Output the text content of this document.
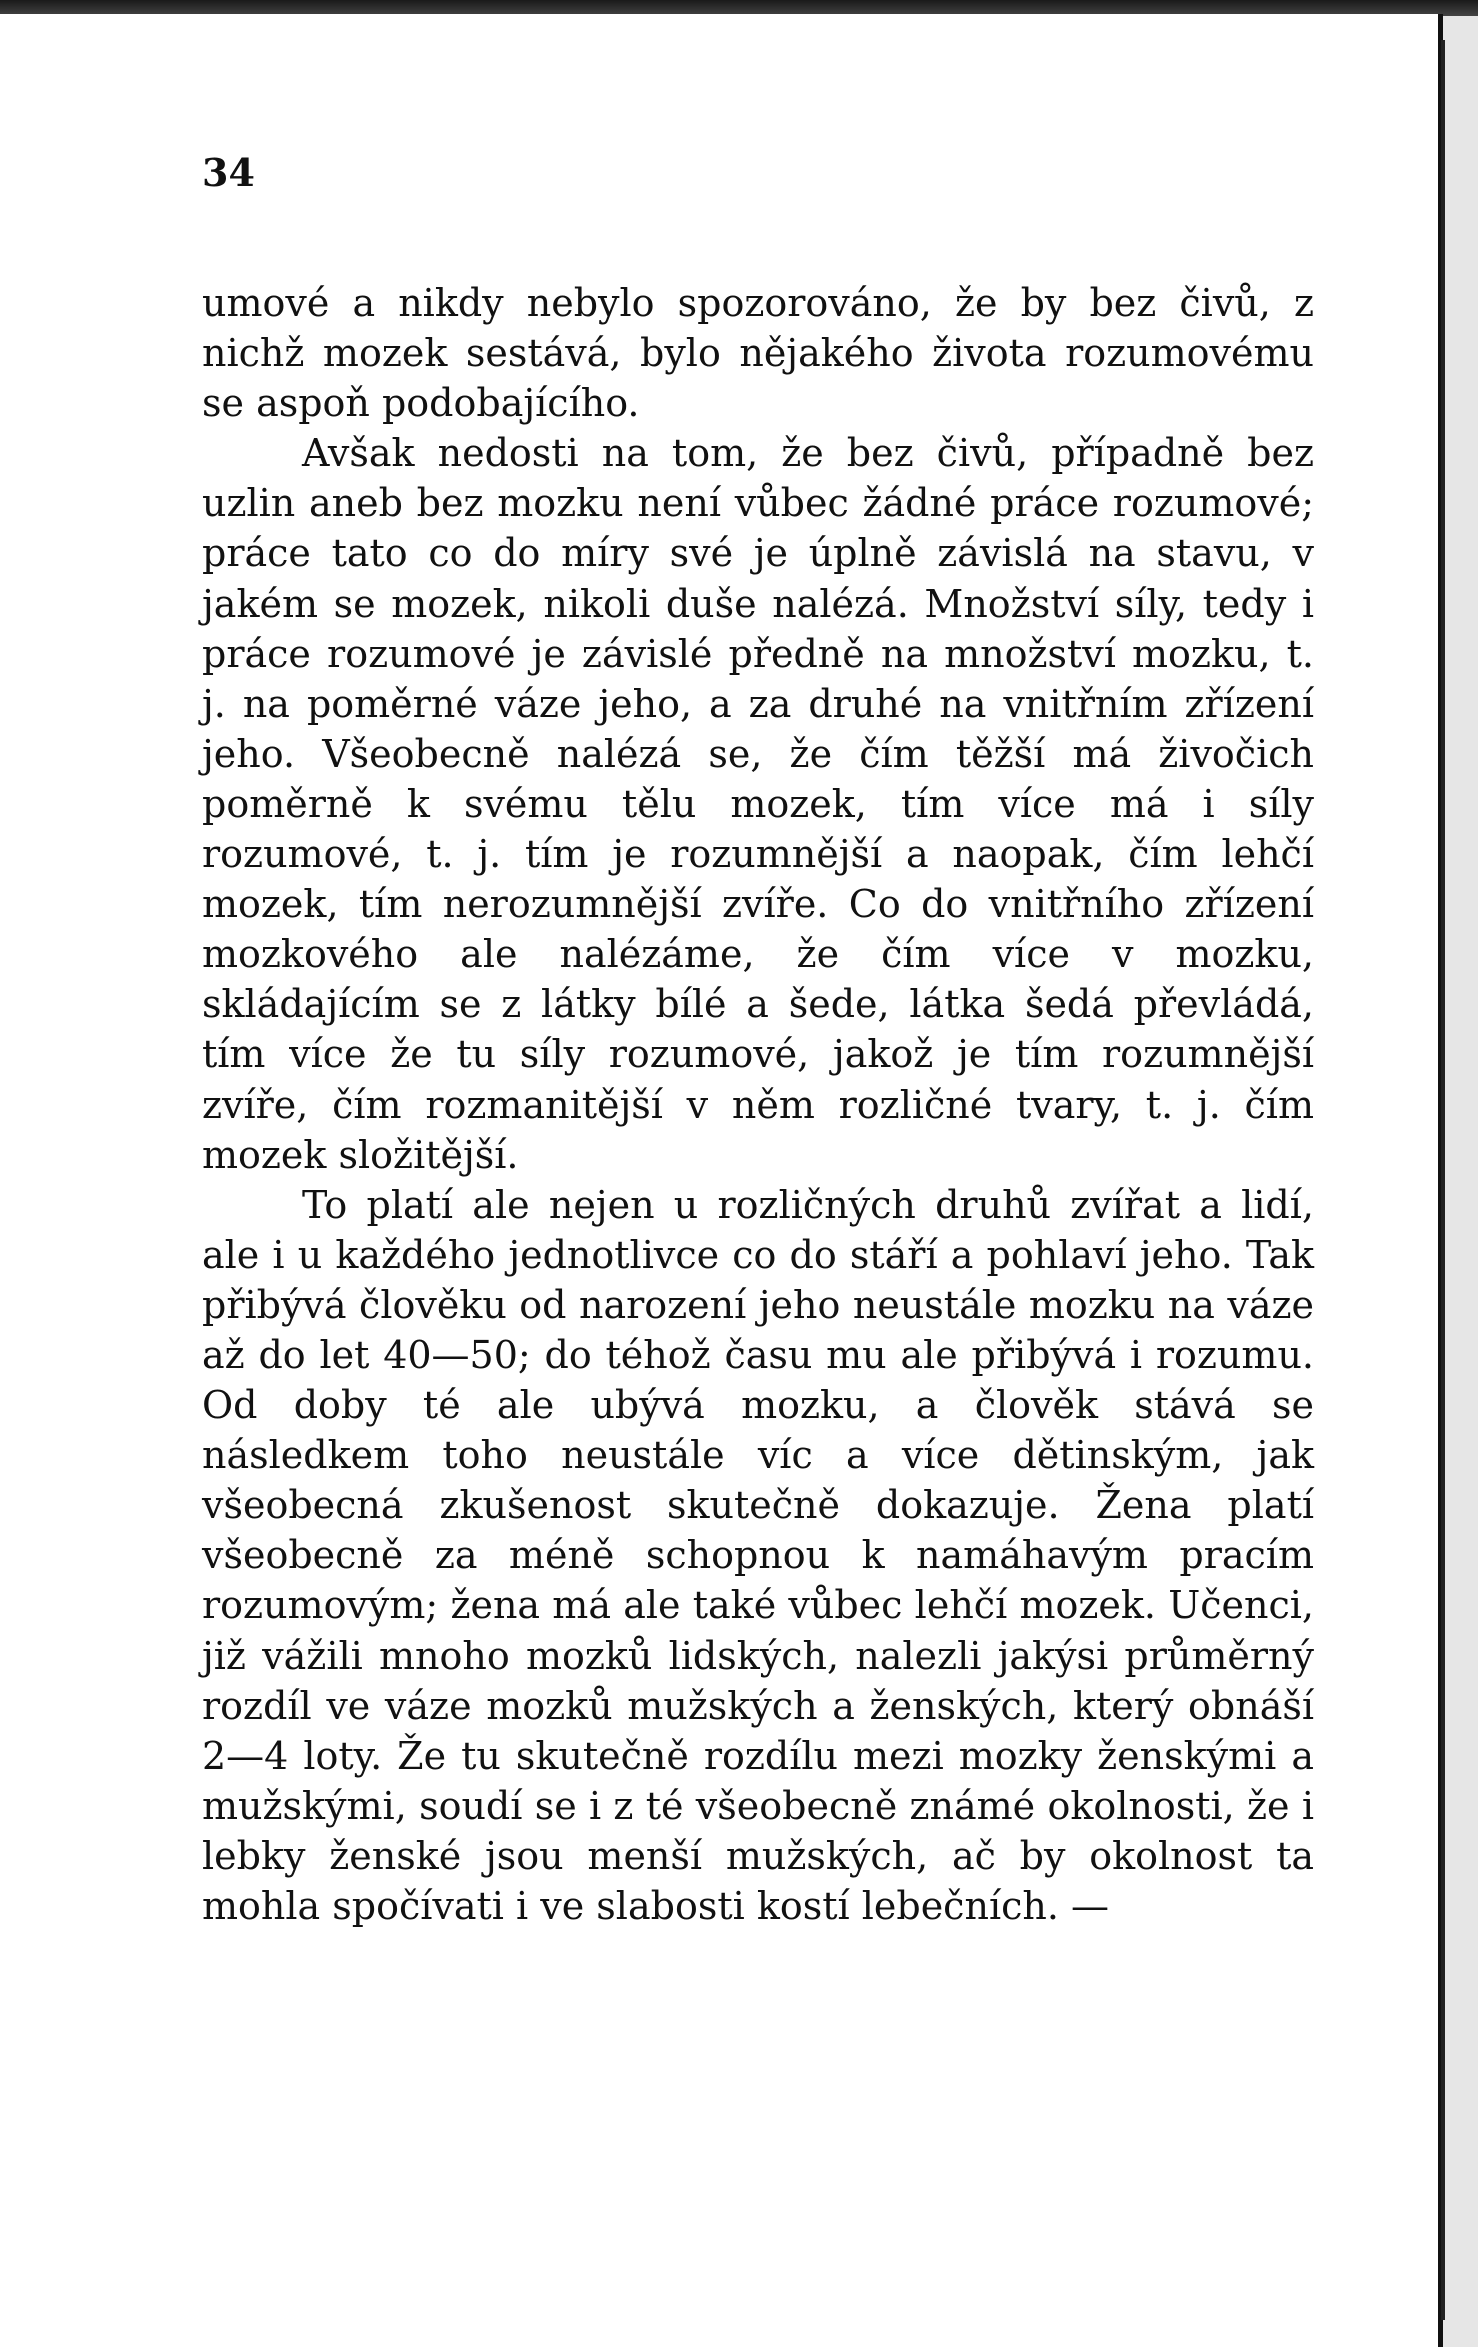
34

umové a nikdy nebylo spozorováno, že by bez čivů, z nichž mozek sestává, bylo nějakého života rozumovému se aspoň podobajícího.

Avšak nedosti na tom, že bez čivů, případně bez uzlin aneb bez mozku není vůbec žádné práce rozumové; práce tato co do míry své je úplně závislá na stavu, v jakém se mozek, nikoli duše nalézá. Množství síly, tedy i práce rozumové je závislé předně na množství mozku, t. j. na poměrné váze jeho, a za druhé na vnitřním zřízení jeho. Všeobecně nalézá se, že čím těžší má živočich poměrně k svému tělu mozek, tím více má i síly rozumové, t. j. tím je rozumnější a naopak, čím lehčí mozek, tím nerozumnější zvíře. Co do vnitřního zřízení mozkového ale nalézáme, že čím více v mozku, skládajícím se z látky bílé a šede, látka šedá převládá, tím více že tu síly rozumové, jakož je tím rozumnější zvíře, čím rozmanitější v něm rozličné tvary, t. j. čím mozek složitější.

To platí ale nejen u rozličných druhů zvířat a lidí, ale i u každého jednotlivce co do stáří a pohlaví jeho. Tak přibývá člověku od narození jeho neustále mozku na váze až do let 40—50; do téhož času mu ale přibývá i rozumu. Od doby té ale ubývá mozku, a člověk stává se následkem toho neustále víc a více dětinským, jak všeobecná zkušenost skutečně dokazuje. Žena platí všeobecně za méně schopnou k namáhavým pracím rozumovým; žena má ale také vůbec lehčí mozek. Učenci, již vážili mnoho mozků lidských, nalezli jakýsi průměrný rozdíl ve váze mozků mužských a ženských, který obnáší 2—4 loty. Že tu skutečně rozdílu mezi mozky ženskými a mužskými, soudí se i z té všeobecně známé okolnosti, že i lebky ženské jsou menší mužských, ač by okolnost ta mohla spočívati i ve slabosti kostí lebečních. —
